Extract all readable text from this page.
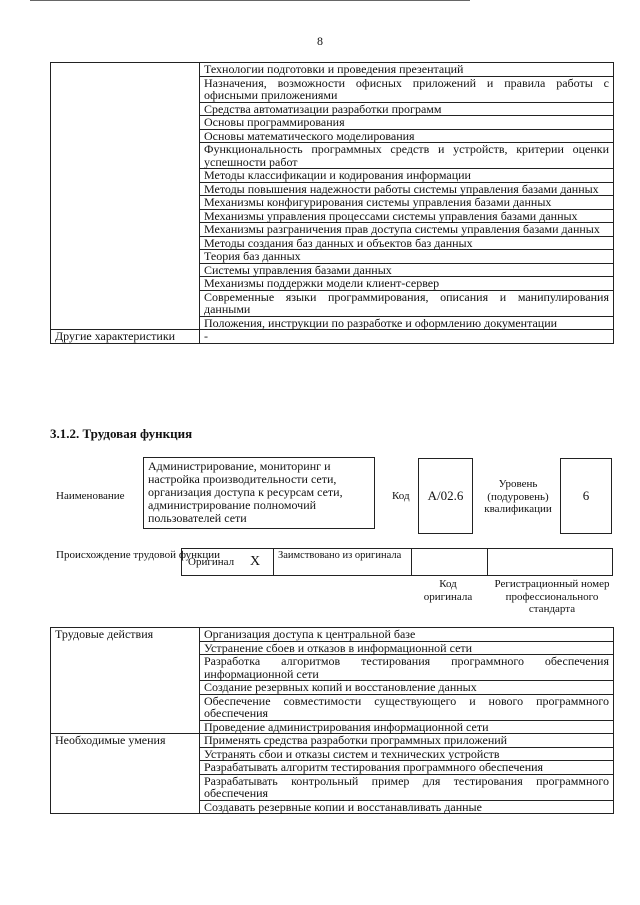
8
	Технологии подготовки и проведения презентаций
	Назначения, возможности офисных приложений и правила работы с офисными приложениями
	Средства автоматизации разработки программ
	Основы программирования
	Основы математического моделирования
	Функциональность программных средств и устройств, критерии оценки успешности работ
	Методы классификации и кодирования информации
	Методы повышения надежности работы системы управления базами данных
	Механизмы конфигурирования системы управления базами данных
	Механизмы управления процессами системы управления базами данных
	Механизмы разграничения прав доступа системы управления базами данных
	Методы создания баз данных и объектов баз данных
	Теория баз данных
	Системы управления базами данных
	Механизмы поддержки модели клиент-сервер
	Современные языки программирования, описания и манипулирования данными
	Положения, инструкции по разработке и оформлению документации
Другие характеристики	-
3.1.2. Трудовая функция
Наименование
Администрирование, мониторинг и настройка производительности сети, организация доступа к ресурсам сети, администрирование полномочий пользователей сети
Код	A/02.6
Уровень (подуровень) квалификации
6
Происхождение трудовой функции
Оригинал X Заимствовано из оригинала
Код оригинала
Регистрационный номер профессионального стандарта
Трудовые действия	Организация доступа к центральной базе
	Устранение сбоев и отказов в информационной сети
	Разработка алгоритмов тестирования программного обеспечения информационной сети
	Создание резервных копий и восстановление данных
	Обеспечение совместимости существующего и нового программного обеспечения
	Проведение администрирования информационной сети
Необходимые умения	Применять средства разработки программных приложений
	Устранять сбои и отказы систем и технических устройств
	Разрабатывать алгоритм тестирования программного обеспечения
	Разрабатывать контрольный пример для тестирования программного обеспечения
	Создавать резервные копии и восстанавливать данные
